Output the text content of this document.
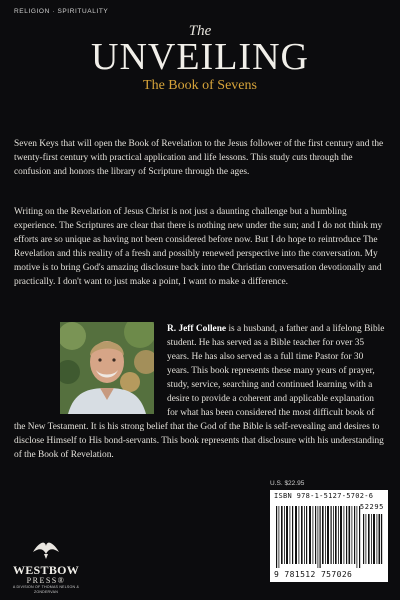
RELIGION · SPIRITUALITY
The
UNVEILING
The Book of Sevens

Seven Keys that will open the Book of Revelation to the Jesus follower of the first century and the twenty-first century with practical application and life lessons. This study cuts through the confusion and honors the library of Scripture through the ages.

Writing on the Revelation of Jesus Christ is not just a daunting challenge but a humbling experience. The Scriptures are clear that there is nothing new under the sun; and I do not think my efforts are so unique as having not been considered before now. But I do hope to reintroduce The Revelation and this reality of a fresh and possibly renewed perspective into the conversation. My motive is to bring God's amazing disclosure back into the Christian conversation devotionally and practically. I don't want to just make a point, I want to make a difference.

R. Jeff Collene is a husband, a father and a lifelong Bible student. He has served as a Bible teacher for over 35 years. He has also served as a full time Pastor for 30 years. This book represents these many years of prayer, study, service, searching and continued learning with a desire to provide a coherent and applicable explanation for what has been considered the most difficult book of the New Testament. It is his strong belief that the God of the Bible is self-revealing and desires to disclose Himself to His bond-servants. This book represents that disclosure with his understanding of the Book of Revelation.
U.S. $22.95
ISBN 978-1-5127-5702-6
52295
9 781512 757026
WESTBOW
PRESS®
A DIVISION OF THOMAS NELSON & ZONDERVAN
